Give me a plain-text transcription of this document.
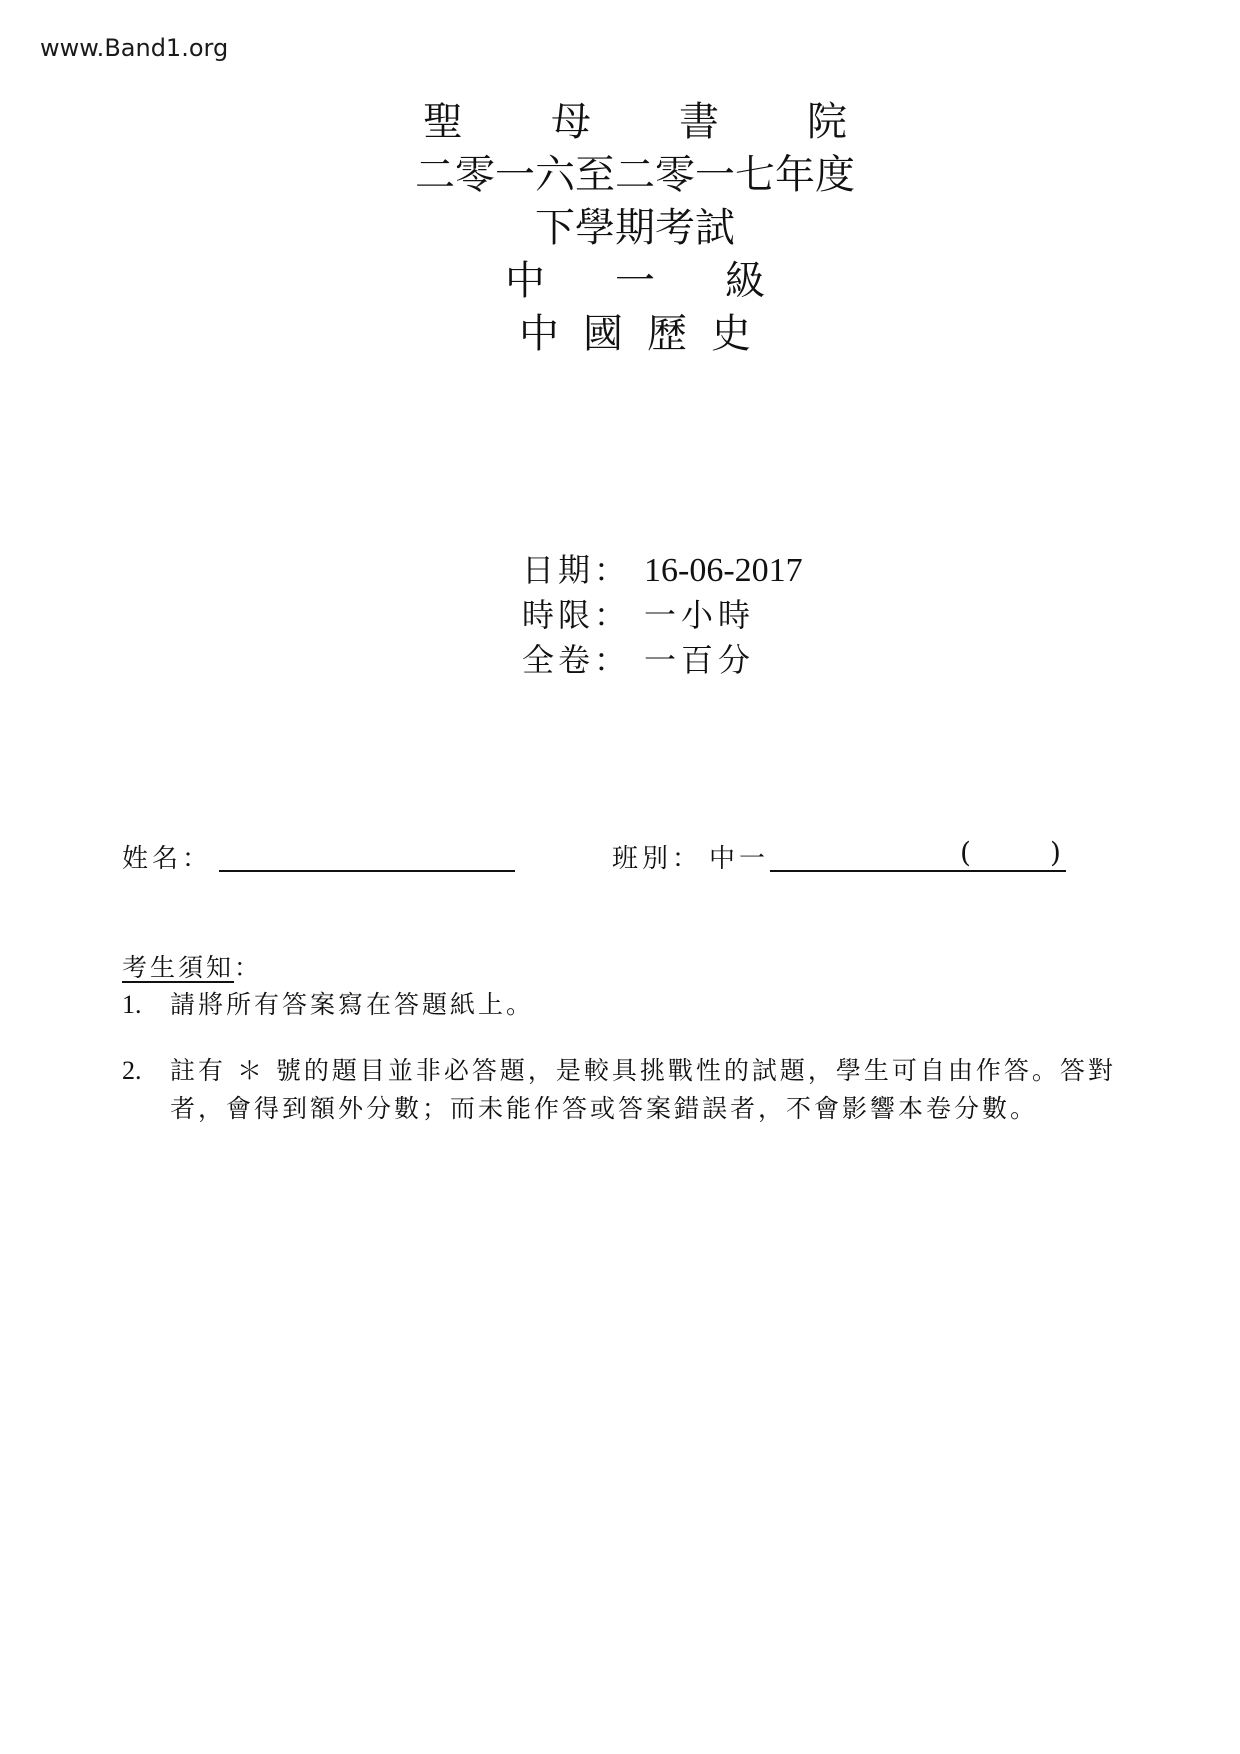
www.Band1.org
聖母書院
二零一六至二零一七年度
下學期考試
中一級
中國歷史
日期： 16-06-2017
時限： 一小時
全卷： 一百分
姓名：	班別： 中一	(	)
考生須知：
1.	請將所有答案寫在答題紙上。
2.	註有 ＊ 號的題目並非必答題，是較具挑戰性的試題，學生可自由作答。答對者，會得到額外分數；而未能作答或答案錯誤者，不會影響本卷分數。
